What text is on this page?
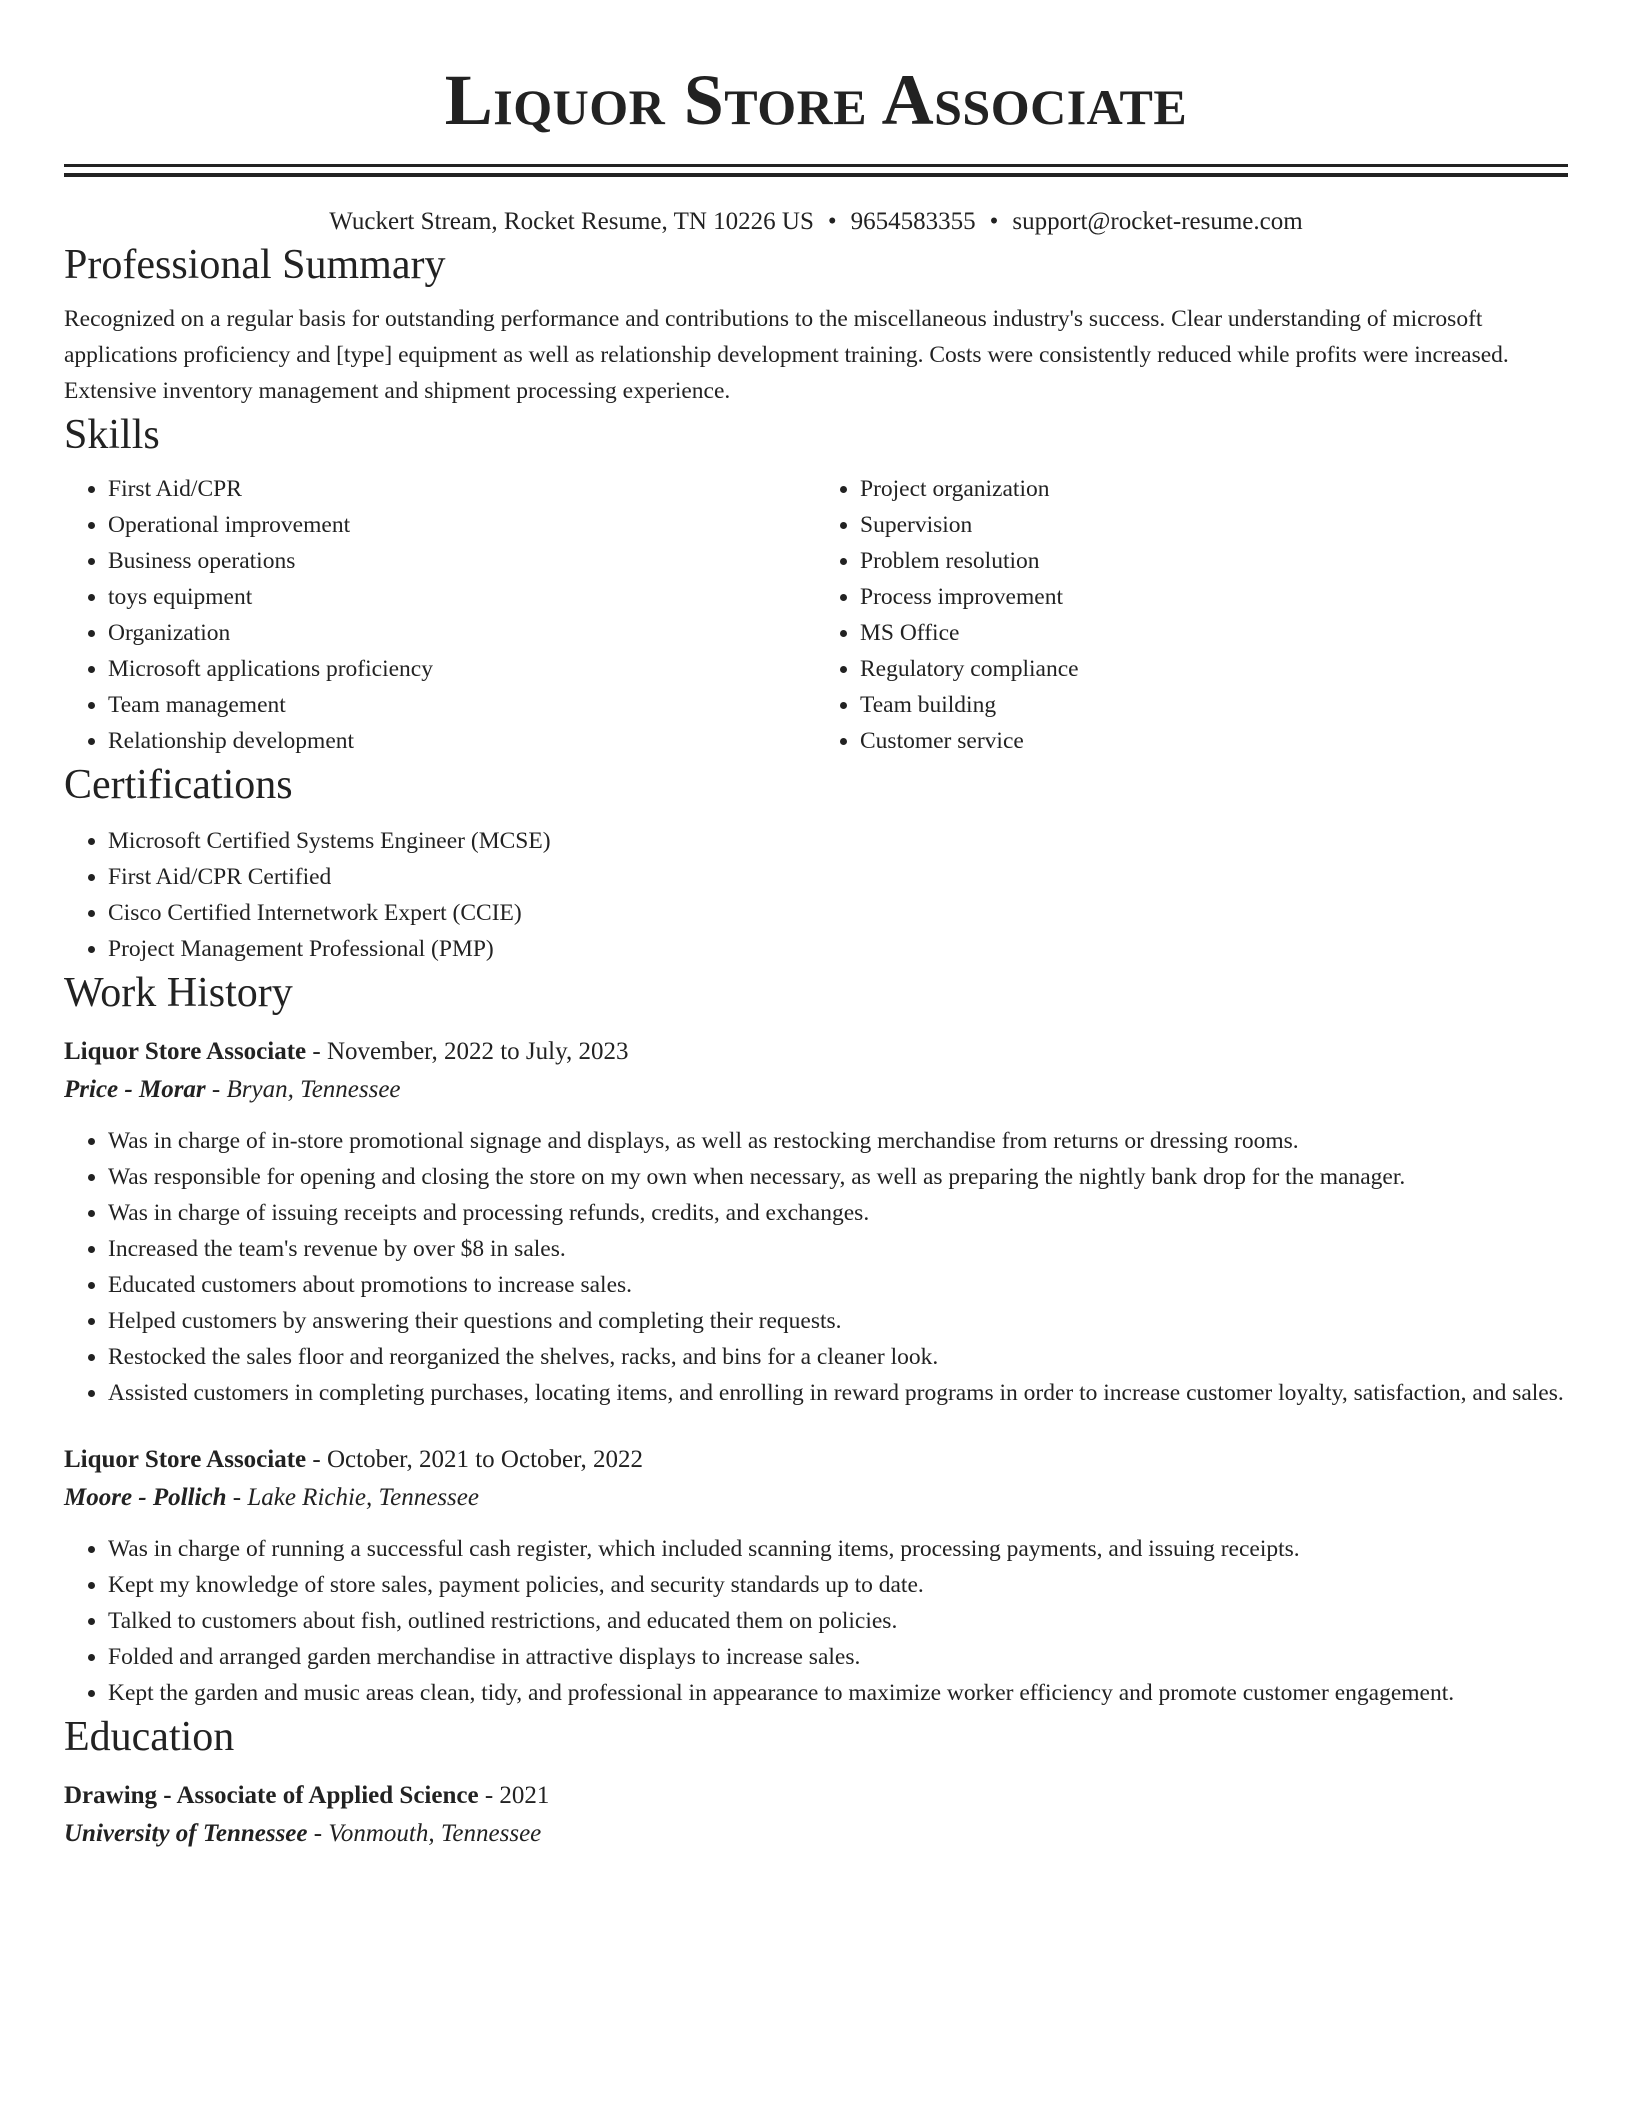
Liquor Store Associate
Wuckert Stream, Rocket Resume, TN 10226 US • 9654583355 • support@rocket-resume.com
Professional Summary

Recognized on a regular basis for outstanding performance and contributions to the miscellaneous industry's success. Clear understanding of microsoft applications proficiency and [type] equipment as well as relationship development training. Costs were consistently reduced while profits were increased. Extensive inventory management and shipment processing experience.

Skills
• First Aid/CPR
• Operational improvement
• Business operations
• toys equipment
• Organization
• Microsoft applications proficiency
• Team management
• Relationship development
• Project organization
• Supervision
• Problem resolution
• Process improvement
• MS Office
• Regulatory compliance
• Team building
• Customer service
Certifications
• Microsoft Certified Systems Engineer (MCSE)
• First Aid/CPR Certified
• Cisco Certified Internetwork Expert (CCIE)
• Project Management Professional (PMP)
Work History
Liquor Store Associate - November, 2022 to July, 2023
Price - Morar - Bryan, Tennessee
• Was in charge of in-store promotional signage and displays, as well as restocking merchandise from returns or dressing rooms.
• Was responsible for opening and closing the store on my own when necessary, as well as preparing the nightly bank drop for the manager.
• Was in charge of issuing receipts and processing refunds, credits, and exchanges.
• Increased the team's revenue by over $8 in sales.
• Educated customers about promotions to increase sales.
• Helped customers by answering their questions and completing their requests.
• Restocked the sales floor and reorganized the shelves, racks, and bins for a cleaner look.
• Assisted customers in completing purchases, locating items, and enrolling in reward programs in order to increase customer loyalty, satisfaction, and sales.
Liquor Store Associate - October, 2021 to October, 2022
Moore - Pollich - Lake Richie, Tennessee
• Was in charge of running a successful cash register, which included scanning items, processing payments, and issuing receipts.
• Kept my knowledge of store sales, payment policies, and security standards up to date.
• Talked to customers about fish, outlined restrictions, and educated them on policies.
• Folded and arranged garden merchandise in attractive displays to increase sales.
• Kept the garden and music areas clean, tidy, and professional in appearance to maximize worker efficiency and promote customer engagement.
Education
Drawing - Associate of Applied Science - 2021
University of Tennessee - Vonmouth, Tennessee
